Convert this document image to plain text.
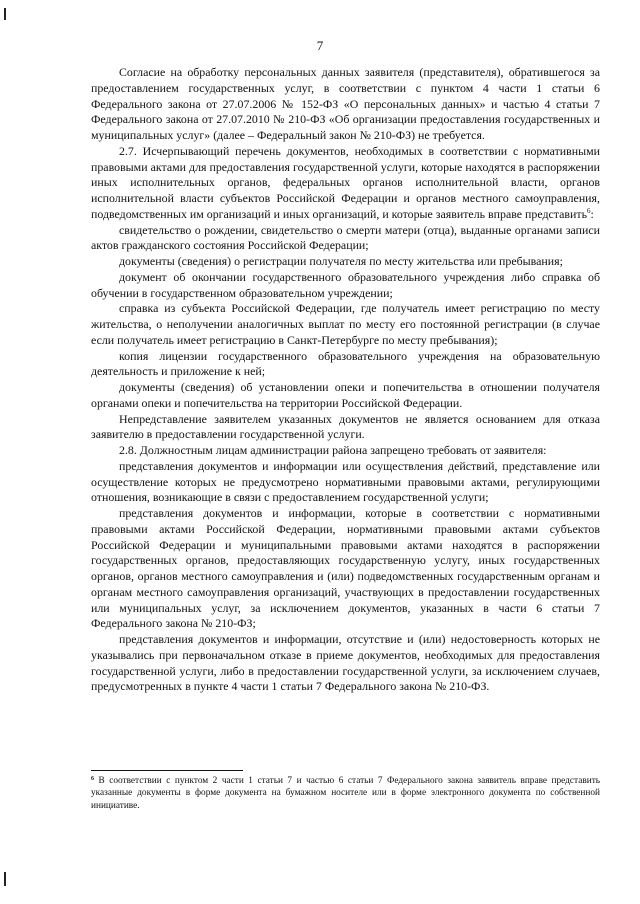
7

Согласие на обработку персональных данных заявителя (представителя), обратившегося за предоставлением государственных услуг, в соответствии с пунктом 4 части 1 статьи 6 Федерального закона от 27.07.2006 № 152-ФЗ «О персональных данных» и частью 4 статьи 7 Федерального закона от 27.07.2010 № 210-ФЗ «Об организации предоставления государственных и муниципальных услуг» (далее – Федеральный закон № 210-ФЗ) не требуется.

2.7. Исчерпывающий перечень документов, необходимых в соответствии с нормативными правовыми актами для предоставления государственной услуги, которые находятся в распоряжении иных исполнительных органов, федеральных органов исполнительной власти, органов исполнительной власти субъектов Российской Федерации и органов местного самоуправления, подведомственных им организаций и иных организаций, и которые заявитель вправе представить$^6$:

свидетельство о рождении, свидетельство о смерти матери (отца), выданные органами записи актов гражданского состояния Российской Федерации;

документы (сведения) о регистрации получателя по месту жительства или пребывания;

документ об окончании государственного образовательного учреждения либо справка об обучении в государственном образовательном учреждении;

справка из субъекта Российской Федерации, где получатель имеет регистрацию по месту жительства, о неполучении аналогичных выплат по месту его постоянной регистрации (в случае если получатель имеет регистрацию в Санкт-Петербурге по месту пребывания);

копия лицензии государственного образовательного учреждения на образовательную деятельность и приложение к ней;

документы (сведения) об установлении опеки и попечительства в отношении получателя органами опеки и попечительства на территории Российской Федерации.

Непредставление заявителем указанных документов не является основанием для отказа заявителю в предоставлении государственной услуги.

2.8. Должностным лицам администрации района запрещено требовать от заявителя:

представления документов и информации или осуществления действий, представление или осуществление которых не предусмотрено нормативными правовыми актами, регулирующими отношения, возникающие в связи с предоставлением государственной услуги;

представления документов и информации, которые в соответствии с нормативными правовыми актами Российской Федерации, нормативными правовыми актами субъектов Российской Федерации и муниципальными правовыми актами находятся в распоряжении государственных органов, предоставляющих государственную услугу, иных государственных органов, органов местного самоуправления и (или) подведомственных государственным органам и органам местного самоуправления организаций, участвующих в предоставлении государственных или муниципальных услуг, за исключением документов, указанных в части 6 статьи 7 Федерального закона № 210-ФЗ;

представления документов и информации, отсутствие и (или) недостоверность которых не указывались при первоначальном отказе в приеме документов, необходимых для предоставления государственной услуги, либо в предоставлении государственной услуги, за исключением случаев, предусмотренных в пункте 4 части 1 статьи 7 Федерального закона № 210-ФЗ.

$^6$ В соответствии с пунктом 2 части 1 статьи 7 и частью 6 статьи 7 Федерального закона заявитель вправе представить указанные документы в форме документа на бумажном носителе или в форме электронного документа по собственной инициативе.
